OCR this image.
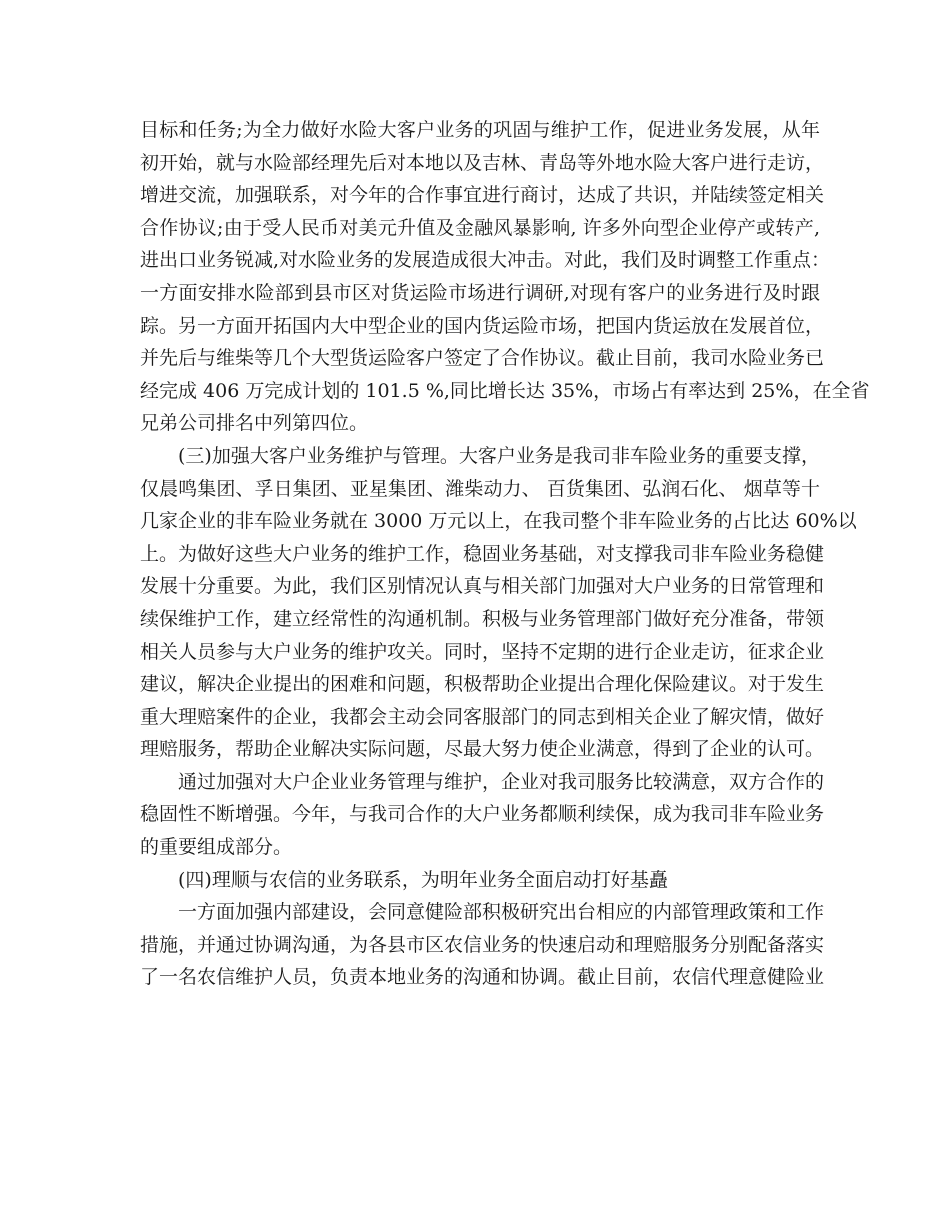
目标和任务;为全力做好水险大客户业务的巩固与维护工作，促进业务发展，从年
初开始，就与水险部经理先后对本地以及吉林、青岛等外地水险大客户进行走访，
增进交流，加强联系，对今年的合作事宜进行商讨，达成了共识，并陆续签定相关
合作协议;由于受人民币对美元升值及金融风暴影响, 许多外向型企业停产或转产,
进出口业务锐减,对水险业务的发展造成很大冲击。对此，我们及时调整工作重点：
一方面安排水险部到县市区对货运险市场进行调研,对现有客户的业务进行及时跟
踪。另一方面开拓国内大中型企业的国内货运险市场，把国内货运放在发展首位，
并先后与维柴等几个大型货运险客户签定了合作协议。截止目前，我司水险业务已
经完成 406 万完成计划的 101.5 %,同比增长达 35%，市场占有率达到 25%，在全省
兄弟公司排名中列第四位。
(三)加强大客户业务维护与管理。大客户业务是我司非车险业务的重要支撑，
仅晨鸣集团、孚日集团、亚星集团、潍柴动力、 百货集团、弘润石化、 烟草等十
几家企业的非车险业务就在 3000 万元以上，在我司整个非车险业务的占比达 60%以
上。为做好这些大户业务的维护工作，稳固业务基础，对支撑我司非车险业务稳健
发展十分重要。为此，我们区别情况认真与相关部门加强对大户业务的日常管理和
续保维护工作，建立经常性的沟通机制。积极与业务管理部门做好充分准备，带领
相关人员参与大户业务的维护攻关。同时，坚持不定期的进行企业走访，征求企业
建议，解决企业提出的困难和问题，积极帮助企业提出合理化保险建议。对于发生
重大理赔案件的企业，我都会主动会同客服部门的同志到相关企业了解灾情，做好
理赔服务，帮助企业解决实际问题，尽最大努力使企业满意，得到了企业的认可。
通过加强对大户企业业务管理与维护，企业对我司服务比较满意，双方合作的
稳固性不断增强。今年，与我司合作的大户业务都顺利续保，成为我司非车险业务
的重要组成部分。
(四)理顺与农信的业务联系，为明年业务全面启动打好基矗
一方面加强内部建设，会同意健险部积极研究出台相应的内部管理政策和工作
措施，并通过协调沟通，为各县市区农信业务的快速启动和理赔服务分别配备落实
了一名农信维护人员，负责本地业务的沟通和协调。截止目前，农信代理意健险业
